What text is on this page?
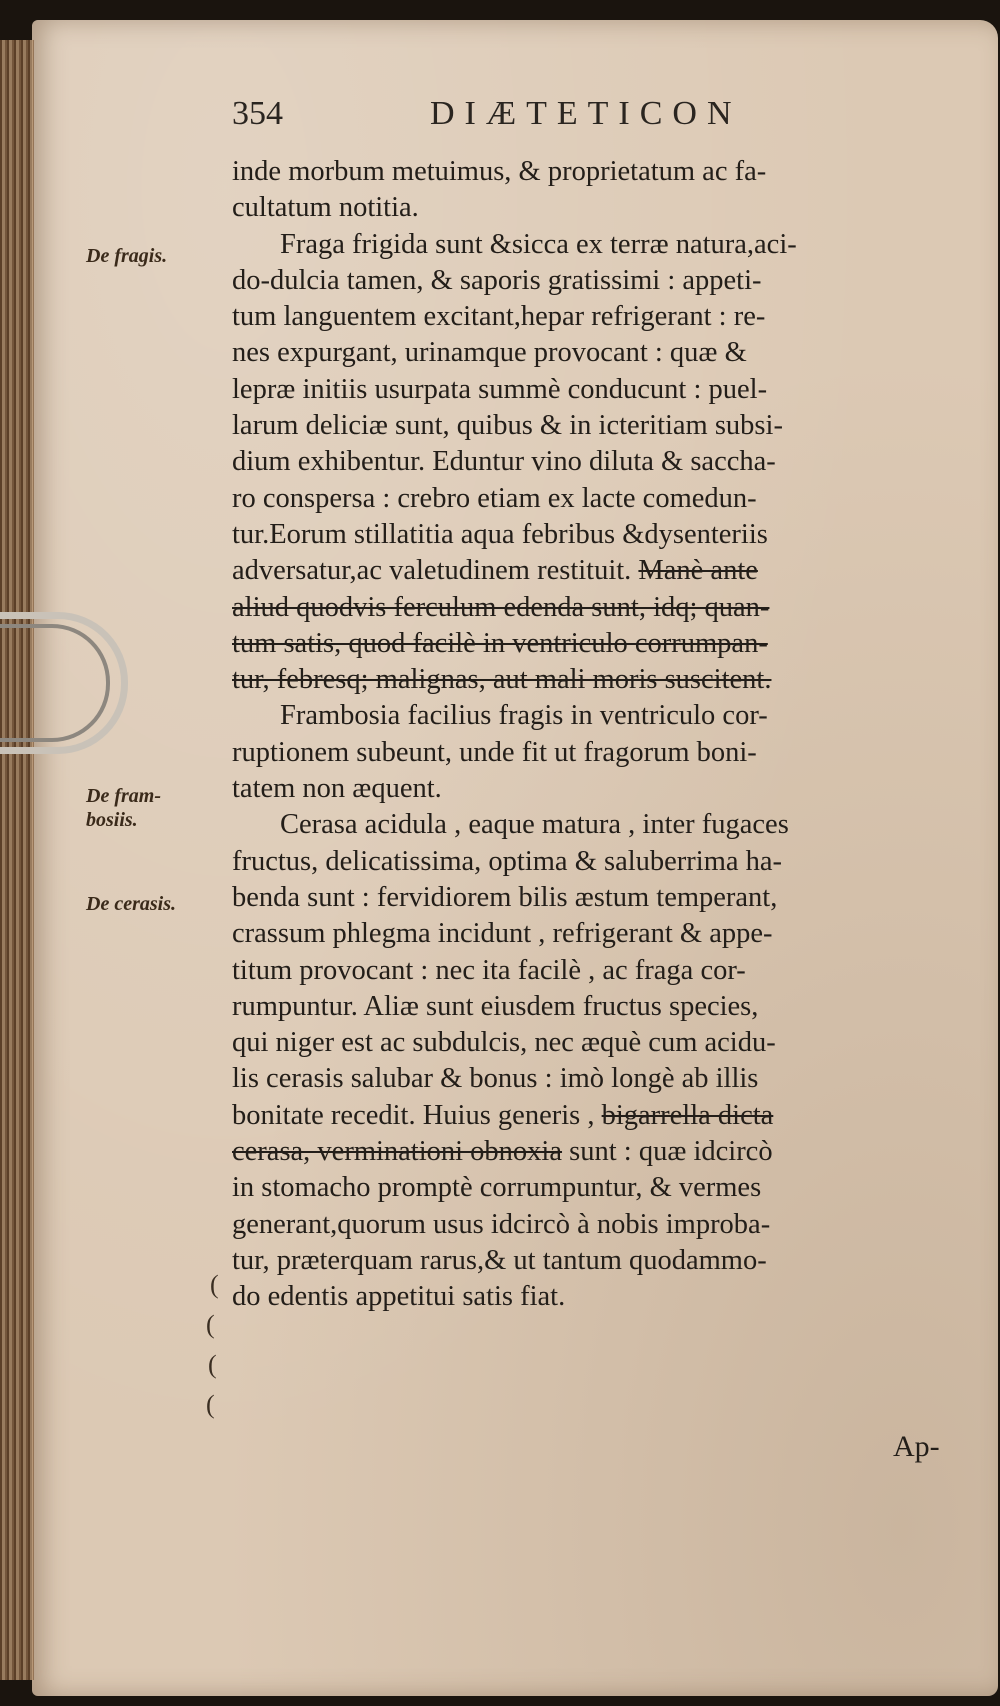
354	DIÆTETICON
De fragis.
De fram-
bosiis.
De cerasis.
inde morbum metuimus, & proprietatum ac fa-
cultatum notitia.
Fraga frigida sunt &sicca ex terræ natura,aci-
do-dulcia tamen, & saporis gratissimi : appeti-
tum languentem excitant,hepar refrigerant : re-
nes expurgant, urinamque provocant : quæ &
lepræ initiis usurpata summè conducunt : puel-
larum deliciæ sunt, quibus & in icteritiam subsi-
dium exhibentur. Eduntur vino diluta & saccha-
ro conspersa : crebro etiam ex lacte comedun-
tur.Eorum stillatitia aqua febribus &dysenteriis
adversatur,ac valetudinem restituit. Manè ante
aliud quodvis ferculum edenda sunt, idq; quan-
tum satis, quod facilè in ventriculo corrumpan-
tur, febresq; malignas, aut mali moris suscitent.
Frambosia facilius fragis in ventriculo cor-
ruptionem subeunt, unde fit ut fragorum boni-
tatem non æquent.
Cerasa acidula , eaque matura , inter fugaces
fructus, delicatissima, optima & saluberrima ha-
benda sunt : fervidiorem bilis æstum temperant,
crassum phlegma incidunt , refrigerant & appe-
titum provocant : nec ita facilè , ac fraga cor-
rumpuntur. Aliæ sunt eiusdem fructus species,
qui niger est ac subdulcis, nec æquè cum acidu-
lis cerasis salubar & bonus : imò longè ab illis
bonitate recedit. Huius generis , bigarrella dicta
cerasa, verminationi obnoxia sunt : quæ idcircò
in stomacho promptè corrumpuntur, & vermes
generant,quorum usus idcircò à nobis improba-
tur, præterquam rarus,& ut tantum quodammo-
do edentis appetitui satis fiat.
(
(
(
(
Ap-
